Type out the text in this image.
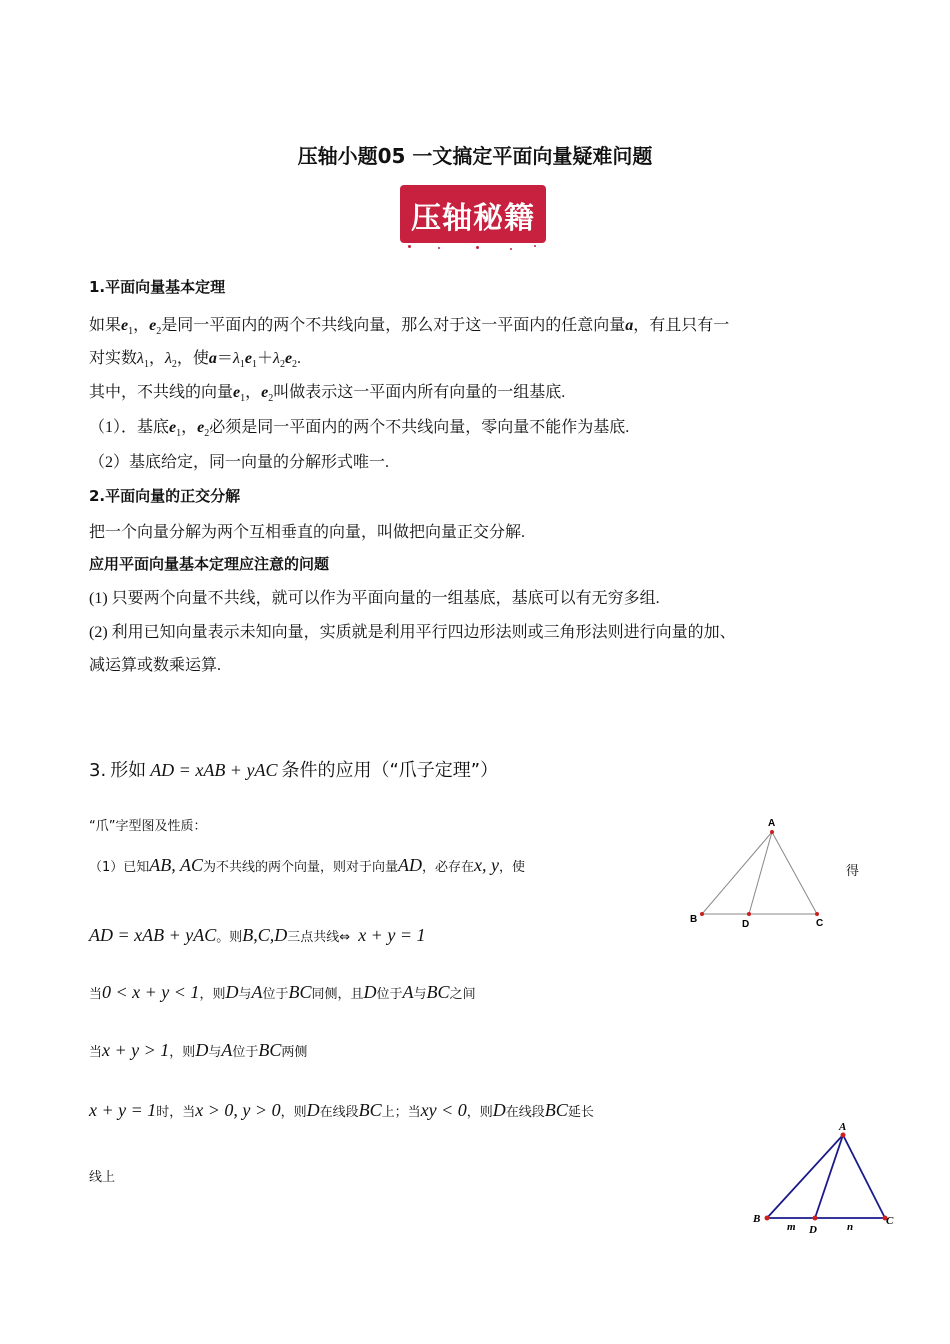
压轴小题05 一文搞定平面向量疑难问题
压轴秘籍
1.平面向量基本定理
如果$e_1$，$e_2$是同一平面内的两个不共线向量，那么对于这一平面内的任意向量a，有且只有一
对实数$\lambda_1$，$\lambda_2$，使$a=\lambda_1e_1+\lambda_2e_2$.
其中，不共线的向量$e_1$，$e_2$叫做表示这一平面内所有向量的一组基底.
（1）．基底$e_1$，$e_2$必须是同一平面内的两个不共线向量，零向量不能作为基底.
（2）基底给定，同一向量的分解形式唯一.
2.平面向量的正交分解
把一个向量分解为两个互相垂直的向量，叫做把向量正交分解.
应用平面向量基本定理应注意的问题
(1) 只要两个向量不共线，就可以作为平面向量的一组基底，基底可以有无穷多组.
(2) 利用已知向量表示未知向量，实质就是利用平行四边形法则或三角形法则进行向量的加、
减运算或数乘运算.
3. 形如 AD = xAB + yAC 条件的应用（“爪子定理”）
“爪”字型图及性质：
（1）已知AB, AC为不共线的两个向量，则对于向量AD，必存在x, y，使	得
AD = xAB + yAC。则B,C,D三点共线⇔ x + y = 1
当0 < x + y < 1，则D与A位于BC同侧，且D位于A与BC之间
当x + y > 1，则D与A位于BC两侧
x + y = 1时，当x > 0, y > 0，则D在线段BC上；当xy < 0，则D在线段BC延长
线上
A
B	D	C
A
B
D
C
m	n
